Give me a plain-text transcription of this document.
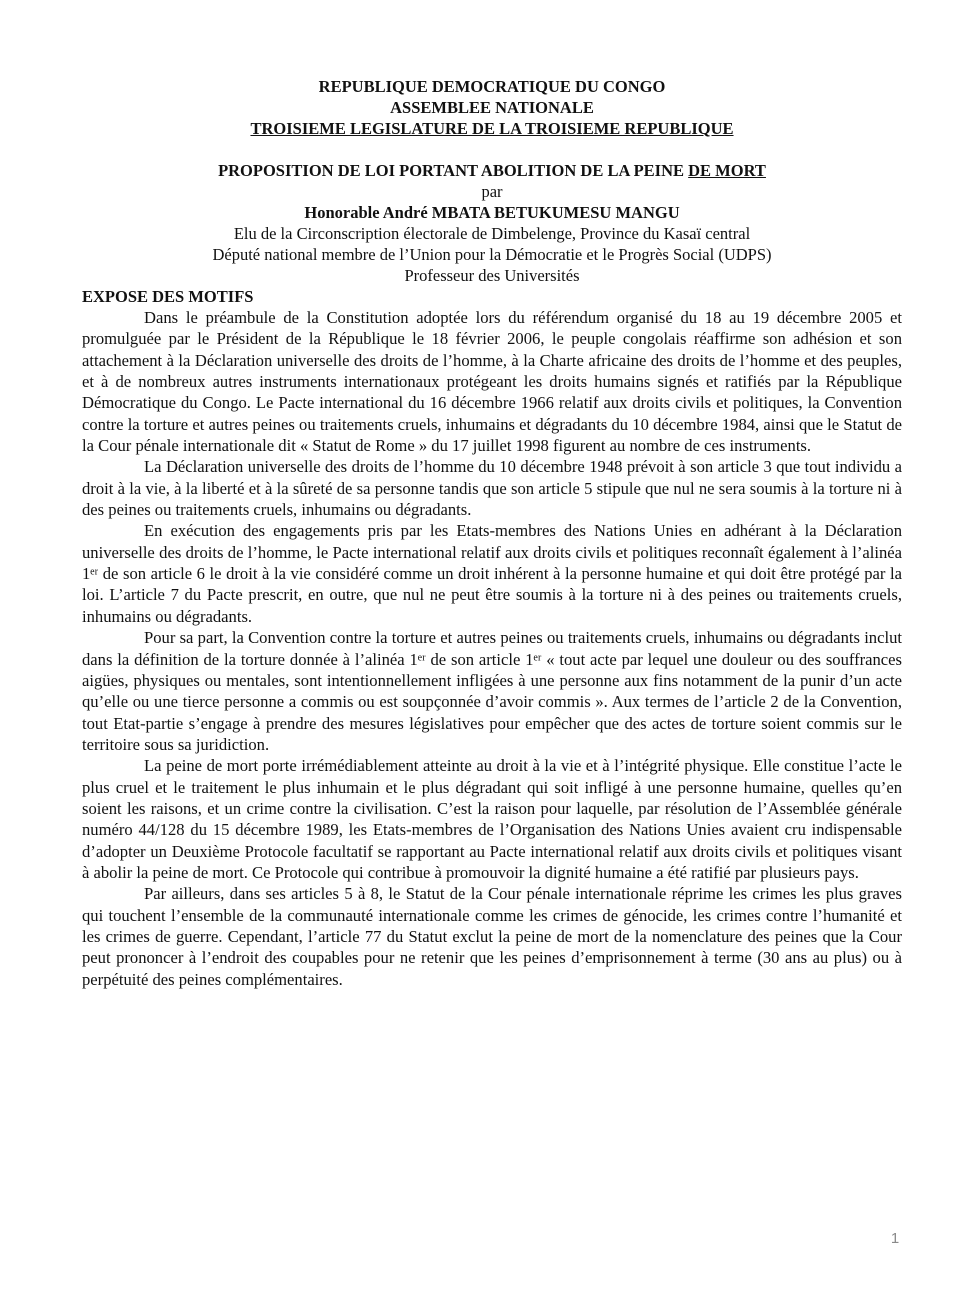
REPUBLIQUE DEMOCRATIQUE DU CONGO

ASSEMBLEE NATIONALE

TROISIEME LEGISLATURE DE LA TROISIEME REPUBLIQUE

PROPOSITION DE LOI PORTANT ABOLITION DE LA PEINE DE MORT

par

Honorable André MBATA BETUKUMESU MANGU

Elu de la Circonscription électorale de Dimbelenge, Province du Kasaï central

Député national membre de l’Union pour la Démocratie et le Progrès Social (UDPS)

Professeur des Universités

EXPOSE DES MOTIFS

Dans le préambule de la Constitution adoptée lors du référendum organisé du 18 au 19 décembre 2005 et promulguée par le Président de la République le 18 février 2006, le peuple congolais réaffirme son adhésion et son attachement à la Déclaration universelle des droits de l’homme, à la Charte africaine des droits de l’homme et des peuples, et à de nombreux autres instruments internationaux protégeant les droits humains signés et ratifiés par la République Démocratique du Congo. Le Pacte international du 16 décembre 1966 relatif aux droits civils et politiques, la Convention contre la torture et autres peines ou traitements cruels, inhumains et dégradants du 10 décembre 1984, ainsi que le Statut de la Cour pénale internationale dit « Statut de Rome » du 17 juillet 1998 figurent au nombre de ces instruments.

La Déclaration universelle des droits de l’homme du 10 décembre 1948 prévoit à son article 3 que tout individu a droit à la vie, à la liberté et à la sûreté de sa personne tandis que son article 5 stipule que nul ne sera soumis à la torture ni à des peines ou traitements cruels, inhumains ou dégradants.

En exécution des engagements pris par les Etats-membres des Nations Unies en adhérant à la Déclaration universelle des droits de l’homme, le Pacte international relatif aux droits civils et politiques reconnaît également à l’alinéa 1ᵉʳ de son article 6 le droit à la vie considéré comme un droit inhérent à la personne humaine et qui doit être protégé par la loi. L’article 7 du Pacte prescrit, en outre, que nul ne peut être soumis à la torture ni à des peines ou traitements cruels, inhumains ou dégradants.

Pour sa part, la Convention contre la torture et autres peines ou traitements cruels, inhumains ou dégradants inclut dans la définition de la torture donnée à l’alinéa 1ᵉʳ de son article 1ᵉʳ « tout acte par lequel une douleur ou des souffrances aigües, physiques ou mentales, sont intentionnellement infligées à une personne aux fins notamment de la punir d’un acte qu’elle ou une tierce personne a commis ou est soupçonnée d’avoir commis ». Aux termes de l’article 2 de la Convention, tout Etat-partie s’engage à prendre des mesures législatives pour empêcher que des actes de torture soient commis sur le territoire sous sa juridiction.

La peine de mort porte irrémédiablement atteinte au droit à la vie et à l’intégrité physique. Elle constitue l’acte le plus cruel et le traitement le plus inhumain et le plus dégradant qui soit infligé à une personne humaine, quelles qu’en soient les raisons, et un crime contre la civilisation. C’est la raison pour laquelle, par résolution de l’Assemblée générale numéro 44/128 du 15 décembre 1989, les Etats-membres de l’Organisation des Nations Unies avaient cru indispensable d’adopter un Deuxième Protocole facultatif se rapportant au Pacte international relatif aux droits civils et politiques visant à abolir la peine de mort. Ce Protocole qui contribue à promouvoir la dignité humaine a été ratifié par plusieurs pays.

Par ailleurs, dans ses articles 5 à 8, le Statut de la Cour pénale internationale réprime les crimes les plus graves qui touchent l’ensemble de la communauté internationale comme les crimes de génocide, les crimes contre l’humanité et les crimes de guerre. Cependant, l’article 77 du Statut exclut la peine de mort de la nomenclature des peines que la Cour peut prononcer à l’endroit des coupables pour ne retenir que les peines d’emprisonnement à terme (30 ans au plus) ou à perpétuité des peines complémentaires.

1
